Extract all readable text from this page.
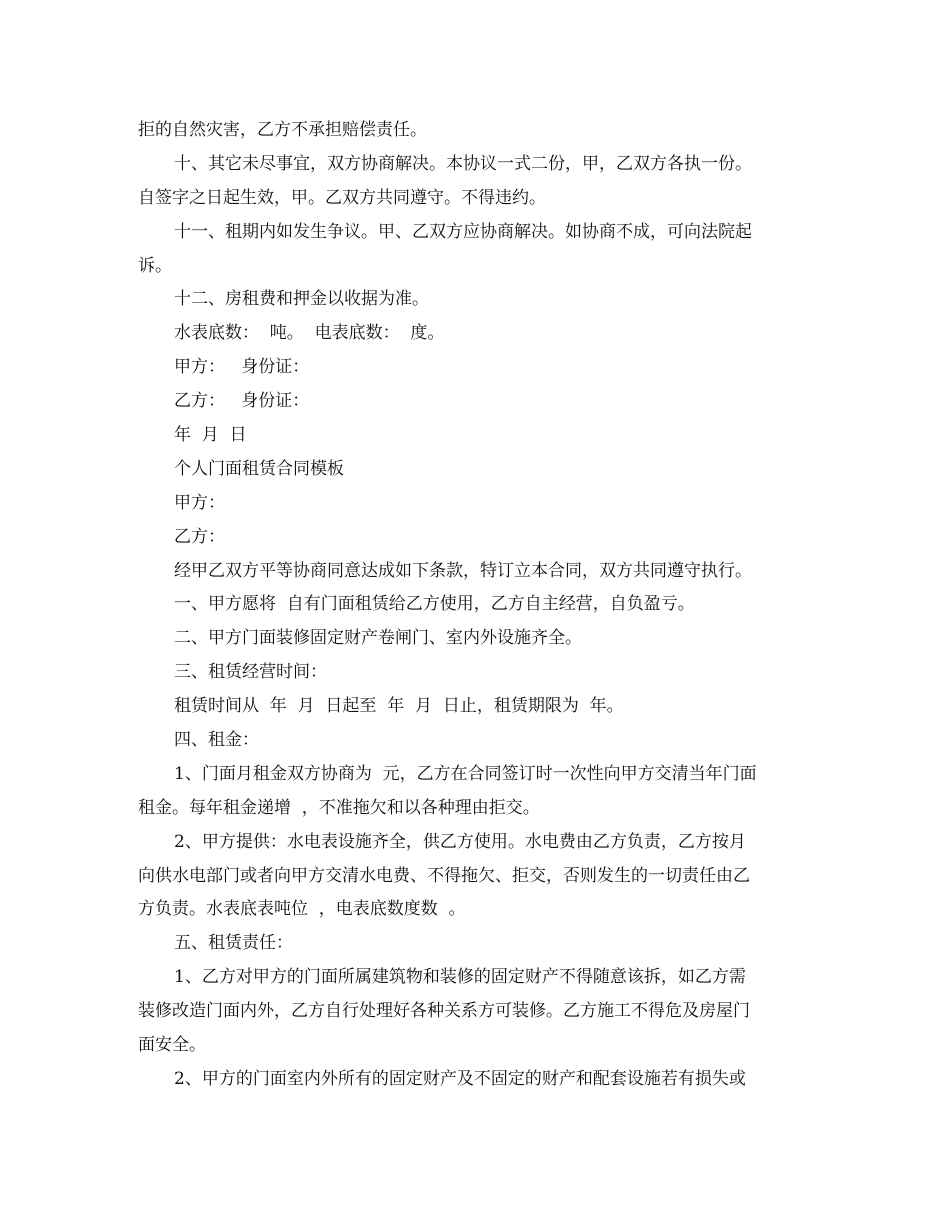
拒的自然灾害，乙方不承担赔偿责任。
十、其它未尽事宜，双方协商解决。本协议一式二份，甲，乙双方各执一份。
自签字之日起生效，甲。乙双方共同遵守。不得违约。
十一、租期内如发生争议。甲、乙双方应协商解决。如协商不成，可向法院起
诉。
十二、房租费和押金以收据为准。
水表底数：  吨。  电表底数：  度。
甲方：   身份证：
乙方：   身份证：
年  月  日
个人门面租赁合同模板
甲方：
乙方：
经甲乙双方平等协商同意达成如下条款，特订立本合同，双方共同遵守执行。
一、甲方愿将  自有门面租赁给乙方使用，乙方自主经营，自负盈亏。
二、甲方门面装修固定财产卷闸门、室内外设施齐全。
三、租赁经营时间：
租赁时间从  年  月  日起至  年  月  日止，租赁期限为  年。
四、租金：
1、门面月租金双方协商为  元，乙方在合同签订时一次性向甲方交清当年门面
租金。每年租金递增  ，不准拖欠和以各种理由拒交。
2、甲方提供：水电表设施齐全，供乙方使用。水电费由乙方负责，乙方按月
向供水电部门或者向甲方交清水电费、不得拖欠、拒交，否则发生的一切责任由乙
方负责。水表底表吨位  ，电表底数度数  。
五、租赁责任：
1、乙方对甲方的门面所属建筑物和装修的固定财产不得随意该拆，如乙方需
装修改造门面内外，乙方自行处理好各种关系方可装修。乙方施工不得危及房屋门
面安全。
2、甲方的门面室内外所有的固定财产及不固定的财产和配套设施若有损失或
